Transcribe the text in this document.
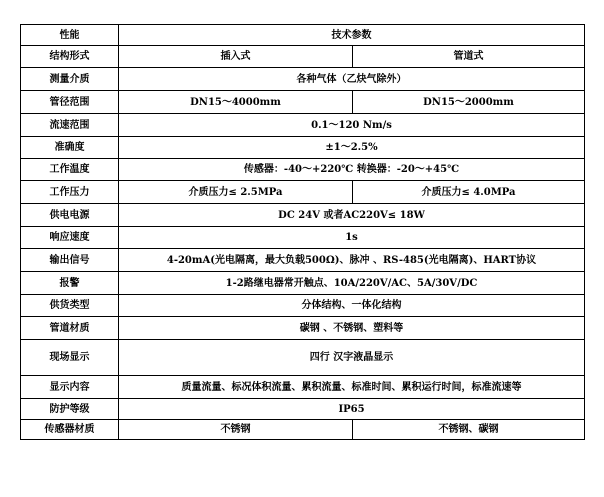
性能	技术参数	
结构形式	插入式	管道式
测量介质	各种气体（乙炔气除外）	
管径范围	DN15～4000mm	DN15～2000mm
流速范围	0.1～120 Nm/s	
准确度	±1～2.5%	
工作温度	传感器：-40～+220℃ 转换器：-20～+45℃	
工作压力	介质压力≤ 2.5MPa	介质压力≤ 4.0MPa
供电电源	DC 24V 或者AC220V≤ 18W	
响应速度	1s	
输出信号	4-20mA(光电隔离，最大负载500Ω)、脉冲 、RS-485(光电隔离)、HART协议	
报警	1-2路继电器常开触点、10A/220V/AC、5A/30V/DC	
供货类型	分体结构、一体化结构	
管道材质	碳钢 、不锈钢、塑料等	
现场显示	四行 汉字液晶显示	
显示内容	质量流量、标况体积流量、累积流量、标准时间、累积运行时间，标准流速等	
防护等级	IP65	
传感器材质	不锈钢	不锈钢、碳钢
